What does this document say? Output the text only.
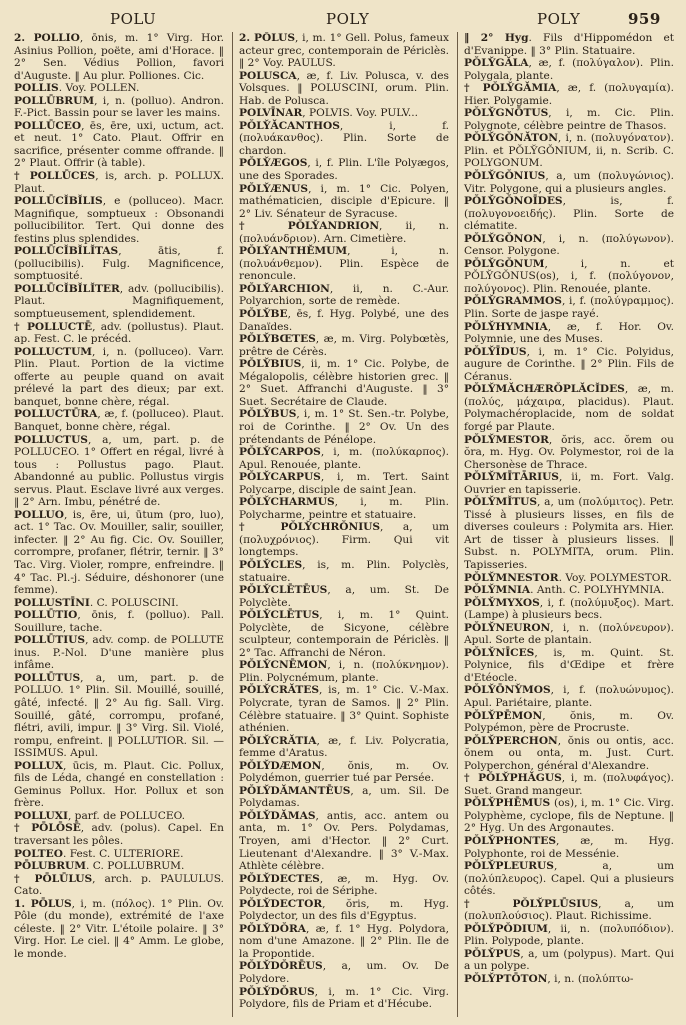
POLU	POLY	POLY	959

2. POLLIO, ōnis, m. 1° Virg. Hor. Asinius Pollion, poëte, ami d'Horace. ‖ 2° Sen. Védius Pollion, favori d'Auguste. ‖ Au plur. Polliones. Cic.

POLLIS. Voy. POLLEN.

POLLŪBRUM, i, n. (polluo). Andron. F.-Pict. Bassin pour se laver les mains.

POLLŪCEO, ēs, ēre, uxi, uctum, act. et neut. 1° Cato. Plaut. Offrir en sacrifice, présenter comme offrande. ‖ 2° Plaut. Offrir (à table).

† POLLŪCES, is, arch. p. POLLUX. Plaut.

POLLŪCĬBĬLIS, e (polluceo). Macr. Magnifique, somptueux : Obsonandi pollucibilitor. Tert. Qui donne des festins plus splendides.

POLLŪCĬBĬLĬTAS, ātis, f. (pollucibilis). Fulg. Magnificence, somptuosité.

POLLŪCĬBĬLĬTER, adv. (pollucibilis). Plaut. Magnifiquement, somptueusement, splendidement.

† POLLUCTĒ, adv. (pollustus). Plaut. ap. Fest. C. le précéd.

POLLUCTUM, i, n. (polluceo). Varr. Plin. Plaut. Portion de la victime offerte au peuple quand on avait prélevé la part des dieux; par ext. banquet, bonne chère, régal.

POLLUCTŪRA, æ, f. (polluceo). Plaut. Banquet, bonne chère, régal.

POLLUCTUS, a, um, part. p. de POLLUCEO. 1° Offert en régal, livré à tous : Pollustus pago. Plaut. Abandonné au public. Pollustus virgis servus. Plaut. Esclave livré aux verges. ‖ 2° Arn. Imbu, pénétré de.

POLLUO, is, ēre, ui, ūtum (pro, luo), act. 1° Tac. Ov. Mouiller, salir, souiller, infecter. ‖ 2° Au fig. Cic. Ov. Souiller, corrompre, profaner, flétrir, ternir. ‖ 3° Tac. Virg. Violer, rompre, enfreindre. ‖ 4° Tac. Pl.-j. Séduire, déshonorer (une femme).

POLLUSTĪNI. C. POLUSCINI.

POLLŪTIO, ōnis, f. (polluo). Pall. Souillure, tache.

POLLŪTIUS, adv. comp. de POLLUTE inus. P.-Nol. D'une manière plus infâme.

POLLŪTUS, a, um, part. p. de POLLUO. 1° Plin. Sil. Mouillé, souillé, gâté, infecté. ‖ 2° Au fig. Sall. Virg. Souillé, gâté, corrompu, profané, flétri, avili, impur. ‖ 3° Virg. Sil. Violé, rompu, enfreint. ‖ POLLUTIOR. Sil. — ISSIMUS. Apul.

POLLUX, ūcis, m. Plaut. Cic. Pollux, fils de Léda, changé en constellation : Geminus Pollux. Hor. Pollux et son frère.

POLLUXI, parf. de POLLUCEO.

† PŌLŌSĒ, adv. (polus). Capel. En traversant les pôles.

POLTEO. Fest. C. ULTERIORE.

PŌLUBRUM. C. POLLUBRUM.

† PŌLŪLUS, arch. p. PAULULUS. Cato.

1. PŌLUS, i, m. (πόλος). 1° Plin. Ov. Pôle (du monde), extrémité de l'axe céleste. ‖ 2° Vitr. L'étoile polaire. ‖ 3° Virg. Hor. Le ciel. ‖ 4° Amm. Le globe, le monde.

2. PŌLUS, i, m. 1° Gell. Polus, fameux acteur grec, contemporain de Périclès. ‖ 2° Voy. PAULUS.

POLUSCA, æ, f. Liv. Polusca, v. des Volsques. ‖ POLUSCINI, orum. Plin. Hab. de Polusca.

POLVĪNAR, POLVIS. Voy. PULV...

PŎLY̆ĂCANTHOS, i, f. (πολυάκανθος). Plin. Sorte de chardon.

PŎLY̆ÆGOS, i, f. Plin. L'île Polyægos, une des Sporades.

PŎLY̆ÆNUS, i, m. 1° Cic. Polyen, mathématicien, disciple d'Epicure. ‖ 2° Liv. Sénateur de Syracuse.

† PŎLY̆ANDRION, ii, n. (πολυάνδριον). Arn. Cimetière.

PŎLY̆ANTHĔMUM, i, n. (πολυάνθεμον). Plin. Espèce de renoncule.

PŎLY̆ARCHION, ii, n. C.-Aur. Polyarchion, sorte de remède.

PŎLY̆BE, ēs, f. Hyg. Polybé, une des Danaïdes.

PŎLY̆BŒTES, æ, m. Virg. Polybœtès, prêtre de Cérès.

PŎLY̆BIUS, ii, m. 1° Cic. Polybe, de Mégalopolis, célèbre historien grec. ‖ 2° Suet. Affranchi d'Auguste. ‖ 3° Suet. Secrétaire de Claude.

PŎLY̆BUS, i, m. 1° St. Sen.-tr. Polybe, roi de Corinthe. ‖ 2° Ov. Un des prétendants de Pénélope.

PŎLY̆CARPOS, i, m. (πολύκαρπος). Apul. Renouée, plante.

PŎLY̆CARPUS, i, m. Tert. Saint Polycarpe, disciple de saint Jean.

PŎLY̆CHARMUS, i, m. Plin. Polycharme, peintre et statuaire.

† PŎLY̆CHRŎNIUS, a, um (πολυχρόνιος). Firm. Qui vit longtemps.

PŎLY̆CLES, is, m. Plin. Polyclès, statuaire.

PŎLY̆CLĒTĒUS, a, um. St. De Polyclète.

PŎLY̆CLĒTUS, i, m. 1° Quint. Polyclète, de Sicyone, célèbre sculpteur, contemporain de Périclès. ‖ 2° Tac. Affranchi de Néron.

PŎLY̆CNĒMON, i, n. (πολύκνημον). Plin. Polycnémum, plante.

PŎLY̆CRĂTES, is, m. 1° Cic. V.-Max. Polycrate, tyran de Samos. ‖ 2° Plin. Célèbre statuaire. ‖ 3° Quint. Sophiste athénien.

PŎLY̆CRĂTIA, æ, f. Liv. Polycratia, femme d'Aratus.

PŎLY̆DÆMON, ŏnis, m. Ov. Polydémon, guerrier tué par Persée.

PŎLY̆DĂMANTĒUS, a, um. Sil. De Polydamas.

PŎLY̆DĂMAS, antis, acc. antem ou anta, m. 1° Ov. Pers. Polydamas, Troyen, ami d'Hector. ‖ 2° Curt. Lieutenant d'Alexandre. ‖ 3° V.-Max. Athlète célèbre.

PŎLY̆DECTES, æ, m. Hyg. Ov. Polydecte, roi de Sériphe.

PŎLY̆DECTOR, ŏris, m. Hyg. Polydector, un des fils d'Egyptus.

PŎLY̆DŎRA, æ, f. 1° Hyg. Polydora, nom d'une Amazone. ‖ 2° Plin. Ile de la Propontide.

PŎLY̆DŎRĒUS, a, um. Ov. De Polydore.

PŎLY̆DŎRUS, i, m. 1° Cic. Virg. Polydore, fils de Priam et d'Hécube.

‖ 2° Hyg. Fils d'Hippomédon et d'Evanippe. ‖ 3° Plin. Statuaire.

PŎLY̆GĂLA, æ, f. (πολύγαλον). Plin. Polygala, plante.

† PŎLY̆GĂMIA, æ, f. (πολυγαμία). Hier. Polygamie.

PŎLY̆GNŌTUS, i, m. Cic. Plin. Polygnote, célèbre peintre de Thasos.

PŎLY̆GŎNĂTON, i, n. (πολυγόνατον). Plin. et PŎLY̆GŎNIUM, ii, n. Scrib. C. POLYGONUM.

PŎLY̆GŎNIUS, a, um (πολυγώνιος). Vitr. Polygone, qui a plusieurs angles.

PŎLY̆GŎNOĪDES, is, f. (πολυγονοειδής). Plin. Sorte de clématite.

PŎLY̆GŎNON, i, n. (πολύγωνον). Censor. Polygone.

PŎLY̆GŎNUM, i, n. et PŎLY̆GŎNUS(os), i, f. (πολύγονον, πολύγονος). Plin. Renouée, plante.

PŎLY̆GRAMMOS, i, f. (πολύγραμμος). Plin. Sorte de jaspe rayé.

PŎLY̆HYMNIA, æ, f. Hor. Ov. Polymnie, une des Muses.

PŎLY̆ĪDUS, i, m. 1° Cic. Polyidus, augure de Corinthe. ‖ 2° Plin. Fils de Céranus.

PŎLY̆MĂCHÆRŎPLĂCĬDES, æ, m. (πολύς, μάχαιρα, placidus). Plaut. Polymachéroplacide, nom de soldat forgé par Plaute.

PŎLY̆MESTOR, ŏris, acc. ŏrem ou ŏra, m. Hyg. Ov. Polymestor, roi de la Chersonèse de Thrace.

PŎLY̆MĪTĀRIUS, ii, m. Fort. Valg. Ouvrier en tapisserie.

PŎLY̆MĬTUS, a, um (πολύμιτος). Petr. Tissé à plusieurs lisses, en fils de diverses couleurs : Polymita ars. Hier. Art de tisser à plusieurs lisses. ‖ Subst. n. POLYMITA, orum. Plin. Tapisseries.

PŎLY̆MNESTOR. Voy. POLYMESTOR.

PŎLY̆MNIA. Anth. C. POLYHYMNIA.

PŎLY̆MYXOS, i, f. (πολύμυξος). Mart. (Lampe) à plusieurs becs.

PŎLY̆NEURON, i, n. (πολύνευρον). Apul. Sorte de plantain.

PŎLY̆NĪCES, is, m. Quint. St. Polynice, fils d'Œdipe et frère d'Etéocle.

PŎLY̆ŌNY̆MOS, i, f. (πολυώνυμος). Apul. Pariétaire, plante.

PŎLY̆PĒMON, ŏnis, m. Ov. Polypémon, père de Procruste.

PŎLY̆PERCHON, ŏnis ou ontis, acc. ŏnem ou onta, m. Just. Curt. Polyperchon, général d'Alexandre.

† PŎLY̆PHĂGUS, i, m. (πολυφάγος). Suet. Grand mangeur.

PŎLY̆PHĒMUS (os), i, m. 1° Cic. Virg. Polyphème, cyclope, fils de Neptune. ‖ 2° Hyg. Un des Argonautes.

PŎLY̆PHONTES, æ, m. Hyg. Polyphonte, roi de Messénie.

PŎLY̆PLEURUS, a, um (πολύπλευρος). Capel. Qui a plusieurs côtés.

† PŎLY̆PLŪSIUS, a, um (πολυπλούσιος). Plaut. Richissime.

PŎLY̆PŎDIUM, ii, n. (πολυπόδιον). Plin. Polypode, plante.

PŎLY̆PUS, a, um (polypus). Mart. Qui a un polype.

PŎLY̆PTŌTON, i, n. (πολύπτω-
